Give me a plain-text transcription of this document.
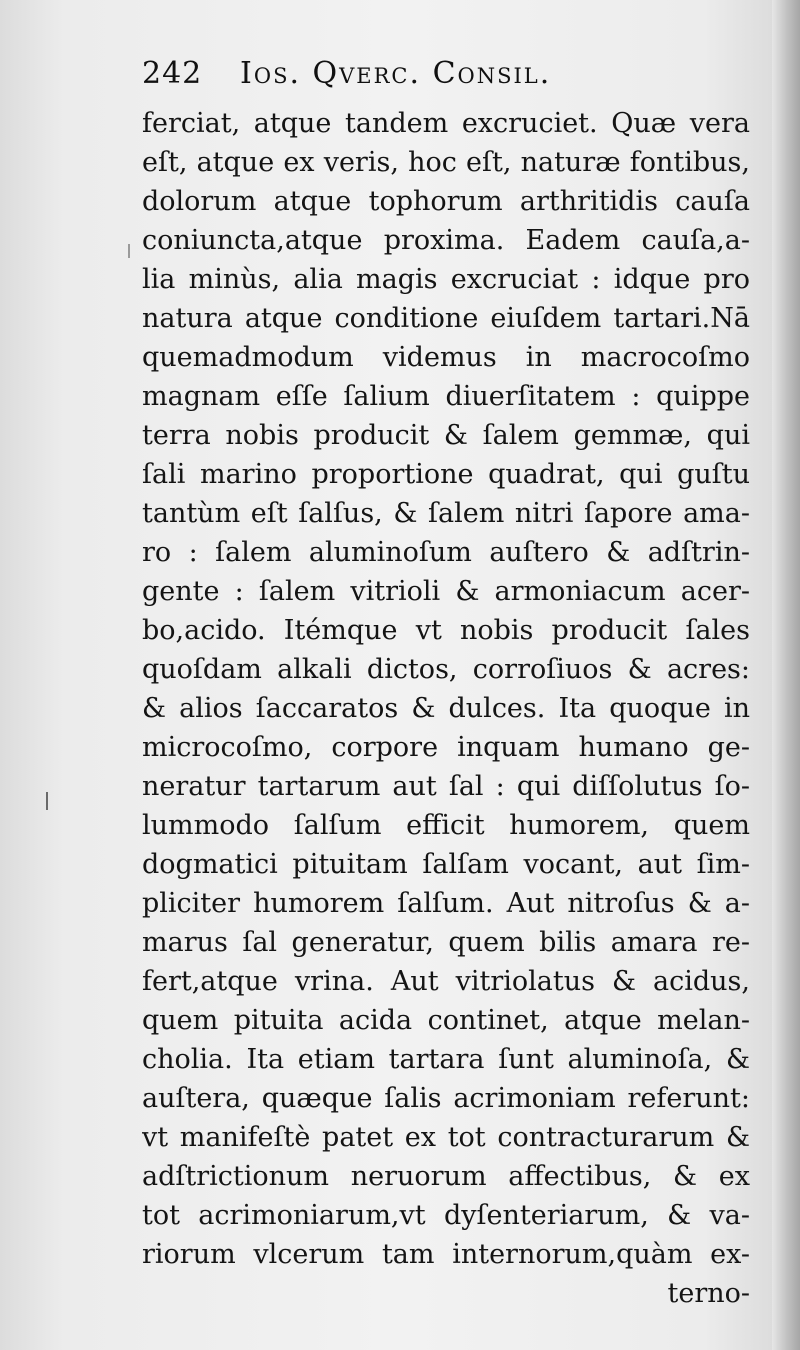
242 Ios. Qverc. Consil.
ferciat, atque tandem excruciet. Quæ vera
eſt, atque ex veris, hoc eſt, naturæ fontibus,
dolorum atque tophorum arthritidis cauſa
coniuncta,atque proxima. Eadem cauſa,a-
lia minùs, alia magis excruciat : idque pro
natura atque conditione eiuſdem tartari.Nā
quemadmodum videmus in macrocoſmo
magnam eſſe ſalium diuerſitatem : quippe
terra nobis producit & ſalem gemmæ, qui
ſali marino proportione quadrat, qui guſtu
tantùm eſt ſalſus, & ſalem nitri ſapore ama-
ro : ſalem aluminoſum auſtero & adſtrin-
gente : ſalem vitrioli & armoniacum acer-
bo,acido. Itémque vt nobis producit ſales
quoſdam alkali dictos, corroſiuos & acres:
& alios ſaccaratos & dulces. Ita quoque in
microcoſmo, corpore inquam humano ge-
neratur tartarum aut ſal : qui diſſolutus ſo-
lummodo ſalſum efficit humorem, quem
dogmatici pituitam ſalſam vocant, aut ſim-
pliciter humorem ſalſum. Aut nitroſus & a-
marus ſal generatur, quem bilis amara re-
fert,atque vrina. Aut vitriolatus & acidus,
quem pituita acida continet, atque melan-
cholia. Ita etiam tartara ſunt aluminoſa, &
auſtera, quæque ſalis acrimoniam referunt:
vt manifeſtè patet ex tot contracturarum &
adſtrictionum neruorum affectibus, & ex
tot acrimoniarum,vt dyſenteriarum, & va-
riorum vlcerum tam internorum,quàm ex-
terno-
